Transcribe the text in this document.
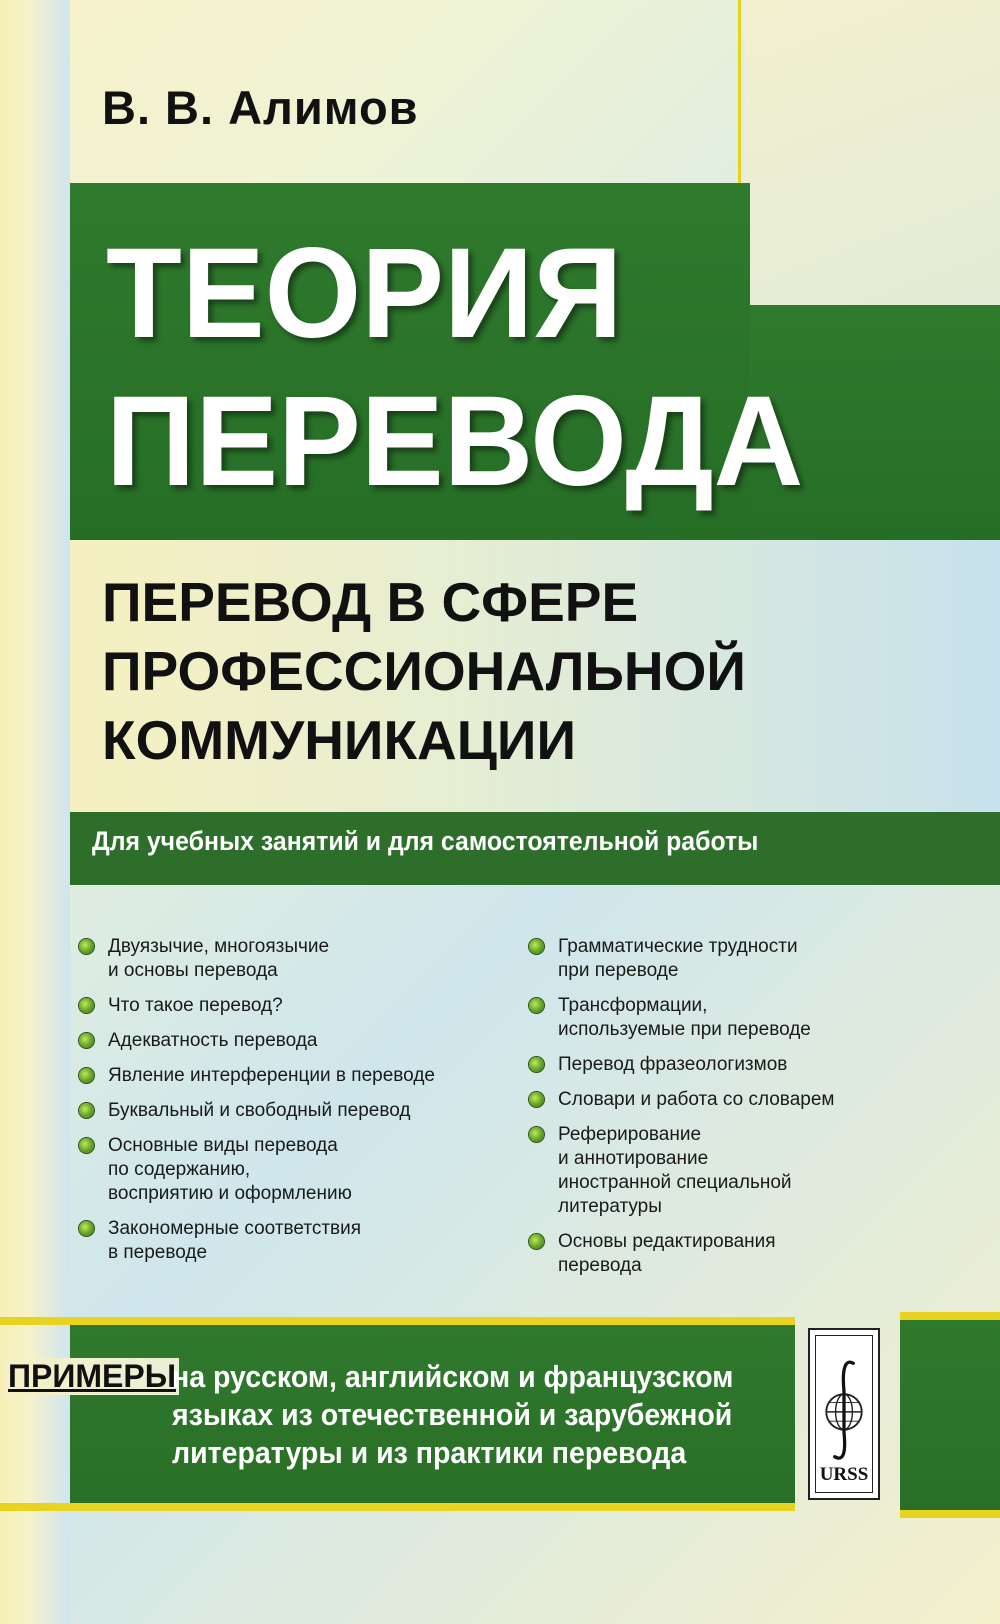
В. В. Алимов
ТЕОРИЯ
ПЕРЕВОДА
ПЕРЕВОД В СФЕРЕ
ПРОФЕССИОНАЛЬНОЙ
КОММУНИКАЦИИ

Для учебных занятий и для самостоятельной работы

Двуязычие, многоязычие
и основы перевода
Что такое перевод?
Адекватность перевода
Явление интерференции в переводе
Буквальный и свободный перевод
Основные виды перевода
по содержанию,
восприятию и оформлению
Закономерные соответствия
в переводе
Грамматические трудности
при переводе
Трансформации,
используемые при переводе
Перевод фразеологизмов
Словари и работа со словарем
Реферирование
и аннотирование
иностранной специальной
литературы
Основы редактирования
перевода

ПРИМЕРЫ

на русском, английском и французском
языках из отечественной и зарубежной
литературы и из практики перевода

URSS
